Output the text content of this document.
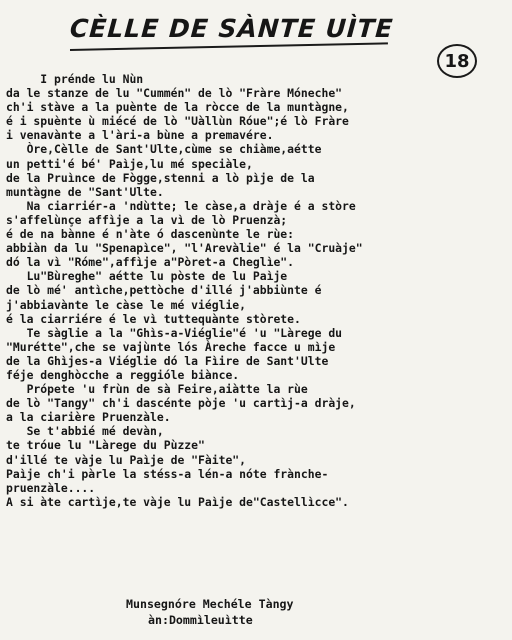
CÈLLE DE SÀNTE UÌTE
18
I prénde lu Nùn
da le stanze de lu "Cummén" de lò "Fràre Móneche"
ch'i stàve a la puènte de la ròcce de la muntàgne,
é i spuènte ù miécé de lò "Uàllùn Róue";é lò Fràre
i venavànte a l'àri-a bùne a premavére.
Òre,Cèlle de Sant'Ulte,cùme se chiàme,aétte
un petti'é bé' Paìje,lu mé speciàle,
de la Pruìnce de Fògge,stenni a lò pìje de la
muntàgne de "Sant'Ulte.
Na ciarriér-a 'ndùtte; le càse,a dràje é a stòre
s'affelùnçe affìje a la vì de lò Pruenzà;
é de na bànne é n'àte ó dascenùnte le rùe:
abbiàn da lu "Spenapìce", "l'Arevàlie" é la "Cruàje"
dó la vì "Róme",affìje a"Pòret-a Cheglìe".
Lu"Bùreghe" aétte lu pòste de lu Paìje
de lò mé' antìche,pettòche d'illé j'abbiùnte é
j'abbiavànte le càse le mé viéglie,
é la ciarriére é le vì tuttequànte stòrete.
Te sàglie a la "Ghìs-a-Viéglie"é 'u "Làrege du
"Murétte",che se vajùnte lós Àreche facce u mìje
de la Ghìjes-a Viéglie dó la Fìire de Sant'Ulte
féje denghòcche a reggióle biànce.
Própete 'u frùn de sà Feire,aiàtte la rùe
de lò "Tangy" ch'i dascénte pòje 'u cartìj-a dràje,
a la ciarière Pruenzàle.
Se t'abbié mé devàn,
te tróue lu "Làrege du Pùzze"
d'illé te vàje lu Paìje de "Fàite",
Paìje ch'i pàrle la stéss-a lén-a nóte frànche-
pruenzàle....
A si àte cartìje,te vàje lu Paìje de"Castellìcce".
Munsegnóre Mechéle Tàngy
àn:Dommìleuìtte
